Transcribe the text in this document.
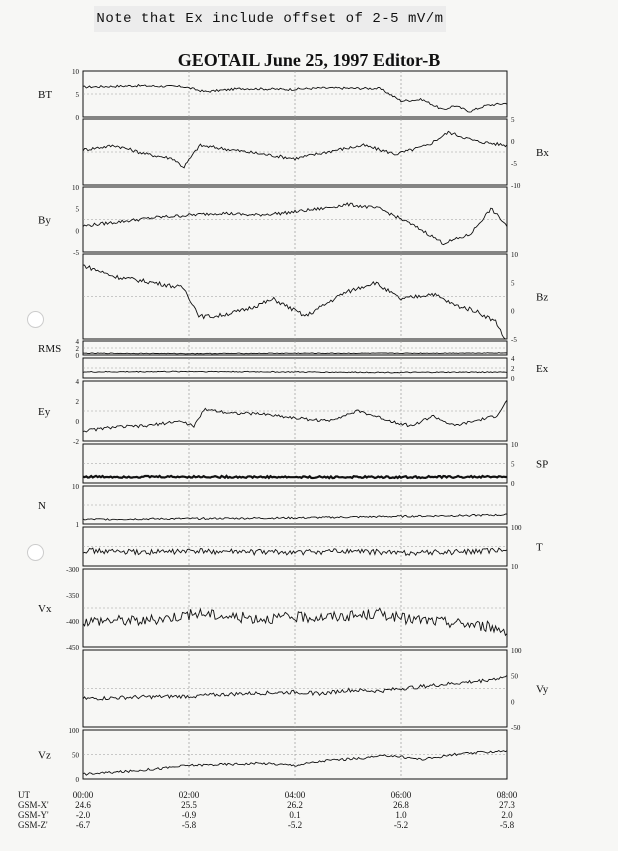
Note that Ex include offset of 2-5 mV/m
GEOTAIL June 25, 1997 Editor-B
0
5
10
BT
-10
-5
0
5
Bx
-5
0
5
10
By
-5
0
5
10
Bz
0
2
4
RMS
0
2
4
Ex
-2
0
2
4
Ey
0
5
10
SP
1
10
N
10
100
T
-450
-400
-350
-300
Vx
-50
0
50
100
Vy
0
50
100
Vz
UT
GSM-X'
GSM-Y'
GSM-Z'
00:00
24.6
-2.0
-6.7
02:00
25.5
-0.9
-5.8
04:00
26.2
0.1
-5.2
06:00
26.8
1.0
-5.2
08:00
27.3
2.0
-5.8
